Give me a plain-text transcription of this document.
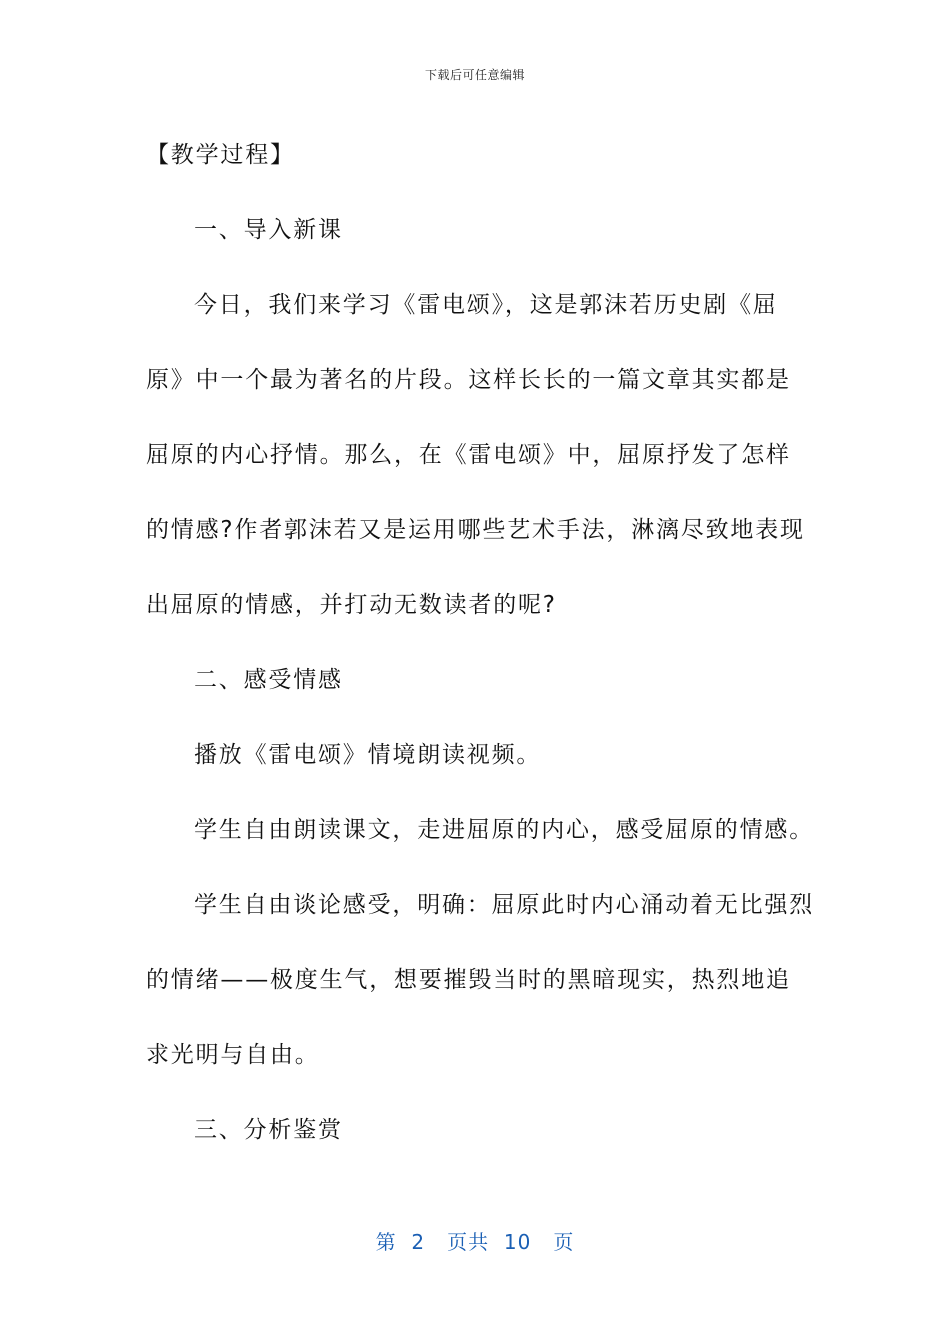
下载后可任意编辑

【教学过程】

一、导入新课

今日，我们来学习《雷电颂》，这是郭沫若历史剧《屈原》中一个最为著名的片段。这样长长的一篇文章其实都是屈原的内心抒情。那么，在《雷电颂》中，屈原抒发了怎样的情感?作者郭沫若又是运用哪些艺术手法，淋漓尽致地表现出屈原的情感，并打动无数读者的呢?

二、感受情感

播放《雷电颂》情境朗读视频。

学生自由朗读课文，走进屈原的内心，感受屈原的情感。

学生自由谈论感受，明确：屈原此时内心涌动着无比强烈的情绪——极度生气，想要摧毁当时的黑暗现实，热烈地追求光明与自由。

三、分析鉴赏

第  2   页共  10   页
